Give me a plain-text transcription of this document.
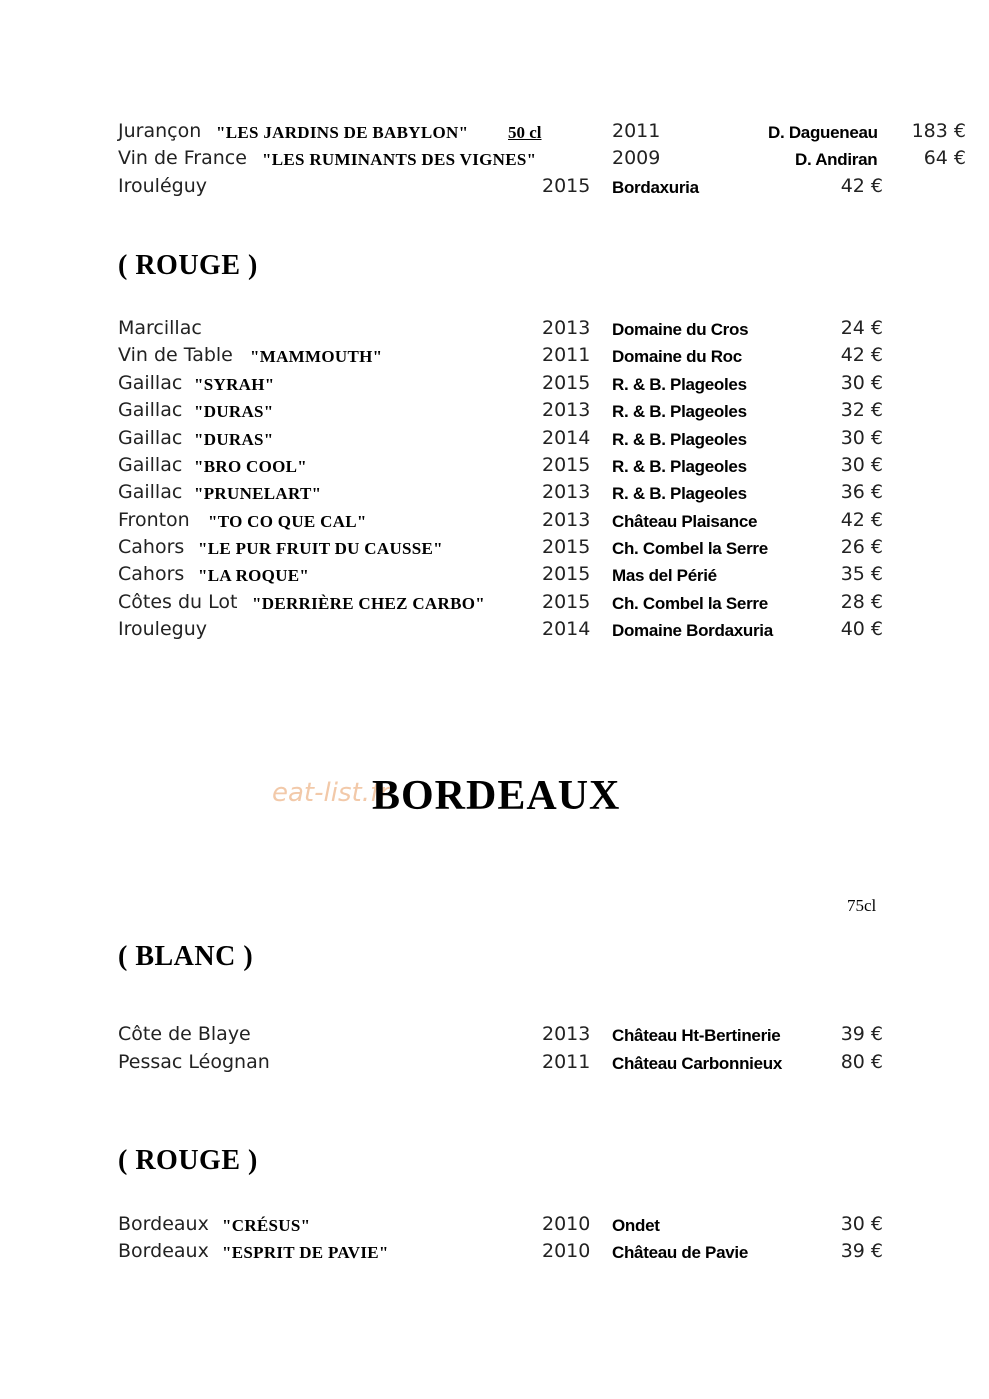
Jurançon "LES JARDINS DE BABYLON" 50 cl	2011	D. Dagueneau 183 €
Vin de France "LES RUMINANTS DES VIGNES"	2009	D. Andiran 64 €
Irouléguy	2015 Bordaxuria	42 €
( ROUGE )
Marcillac	2013 Domaine du Cros	24 €
Vin de Table "MAMMOUTH"	2011 Domaine du Roc	42 €
Gaillac "SYRAH"	2015 R. & B. Plageoles	30 €
Gaillac "DURAS"	2013 R. & B. Plageoles	32 €
Gaillac "DURAS"	2014 R. & B. Plageoles	30 €
Gaillac "BRO COOL"	2015 R. & B. Plageoles	30 €
Gaillac "PRUNELART"	2013 R. & B. Plageoles	36 €
Fronton "TO CO QUE CAL"	2013 Château Plaisance	42 €
Cahors "LE PUR FRUIT DU CAUSSE"	2015 Ch. Combel la Serre	26 €
Cahors "LA ROQUE"	2015 Mas del Périé	35 €
Côtes du Lot "DERRIÈRE CHEZ CARBO"	2015 Ch. Combel la Serre	28 €
Irouleguy	2014 Domaine Bordaxuria	40 €
eat-list.fr
BORDEAUX
75cl
( BLANC )
Côte de Blaye	2013 Château Ht-Bertinerie	39 €
Pessac Léognan	2011 Château Carbonnieux	80 €
( ROUGE )
Bordeaux "CRÉSUS"	2010 Ondet	30 €
Bordeaux "ESPRIT DE PAVIE"	2010 Château de Pavie	39 €
